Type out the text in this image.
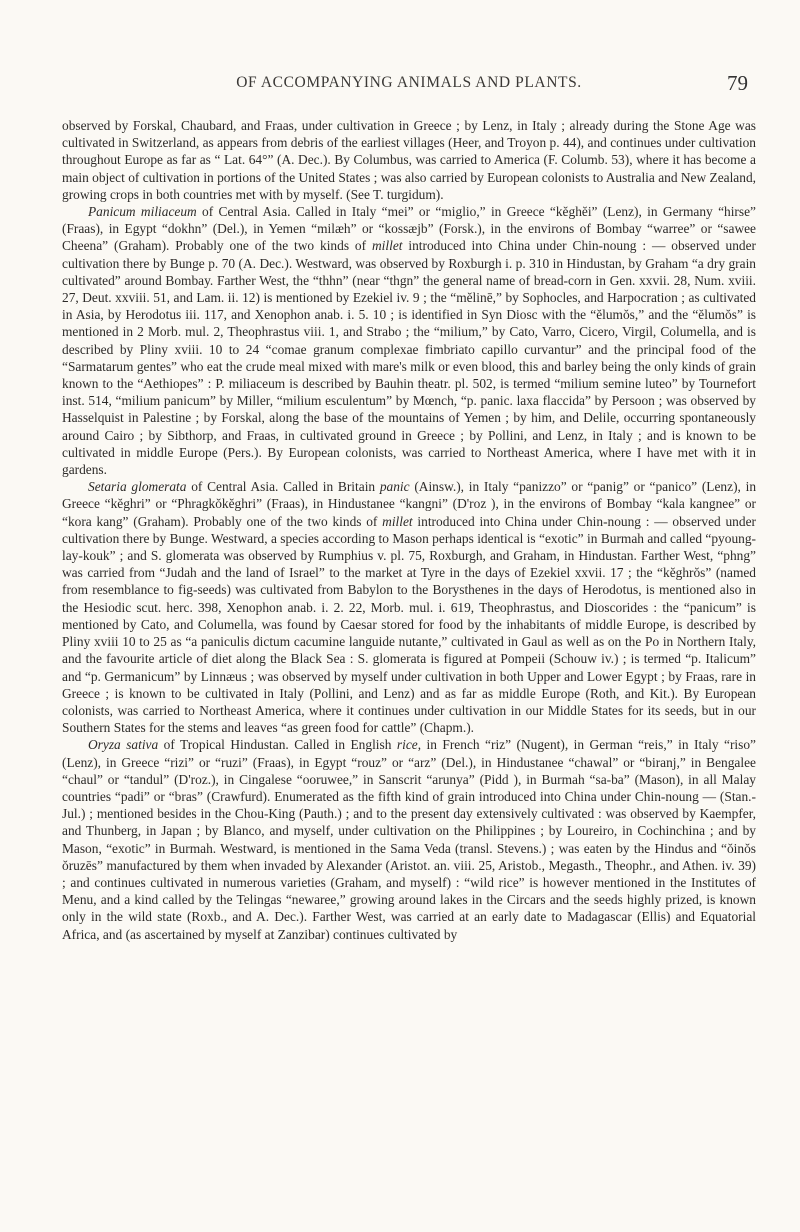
OF ACCOMPANYING ANIMALS AND PLANTS.	79

observed by Forskal, Chaubard, and Fraas, under cultivation in Greece ; by Lenz, in Italy ; already during the Stone Age was cultivated in Switzerland, as appears from debris of the earliest villages (Heer, and Troyon p. 44), and continues under cultivation throughout Europe as far as “ Lat. 64°” (A. Dec.). By Columbus, was carried to America (F. Columb. 53), where it has become a main object of cultivation in portions of the United States ; was also carried by European colonists to Australia and New Zealand, growing crops in both countries met with by myself. (See T. turgidum).

Panicum miliaceum of Central Asia. Called in Italy “mei” or “miglio,” in Greece “kĕghĕi” (Lenz), in Germany “hirse” (Fraas), in Egypt “dokhn” (Del.), in Yemen “milæh” or “kossæjb” (Forsk.), in the environs of Bombay “warree” or “sawee Cheena” (Graham). Probably one of the two kinds of millet introduced into China under Chin-noung : — observed under cultivation there by Bunge p. 70 (A. Dec.). Westward, was observed by Roxburgh i. p. 310 in Hindustan, by Graham “a dry grain cultivated” around Bombay. Farther West, the “thhn” (near “thgn” the general name of bread-corn in Gen. xxvii. 28, Num. xviii. 27, Deut. xxviii. 51, and Lam. ii. 12) is mentioned by Ezekiel iv. 9 ; the “mĕlinē,” by Sophocles, and Harpocration ; as cultivated in Asia, by Herodotus iii. 117, and Xenophon anab. i. 5. 10 ; is identified in Syn Diosc with the “ĕlumŏs,” and the “ĕlumŏs” is mentioned in 2 Morb. mul. 2, Theophrastus viii. 1, and Strabo ; the “milium,” by Cato, Varro, Cicero, Virgil, Columella, and is described by Pliny xviii. 10 to 24 “comae granum complexae fimbriato capillo curvantur” and the principal food of the “Sarmatarum gentes” who eat the crude meal mixed with mare's milk or even blood, this and barley being the only kinds of grain known to the “Aethiopes” : P. miliaceum is described by Bauhin theatr. pl. 502, is termed “milium semine luteo” by Tournefort inst. 514, “milium panicum” by Miller, “milium esculentum” by Mœnch, “p. panic. laxa flaccida” by Persoon ; was observed by Hasselquist in Palestine ; by Forskal, along the base of the mountains of Yemen ; by him, and Delile, occurring spontaneously around Cairo ; by Sibthorp, and Fraas, in cultivated ground in Greece ; by Pollini, and Lenz, in Italy ; and is known to be cultivated in middle Europe (Pers.). By European colonists, was carried to Northeast America, where I have met with it in gardens.

Setaria glomerata of Central Asia. Called in Britain panic (Ainsw.), in Italy “panizzo” or “panig” or “panico” (Lenz), in Greece “kĕghri” or “Phragkŏkĕghri” (Fraas), in Hindustanee “kangni” (D'roz ), in the environs of Bombay “kala kangnee” or “kora kang” (Graham). Probably one of the two kinds of millet introduced into China under Chin-noung : — observed under cultivation there by Bunge. Westward, a species according to Mason perhaps identical is “exotic” in Burmah and called “pyoung-lay-kouk” ; and S. glomerata was observed by Rumphius v. pl. 75, Roxburgh, and Graham, in Hindustan. Farther West, “phng” was carried from “Judah and the land of Israel” to the market at Tyre in the days of Ezekiel xxvii. 17 ; the “kĕghrŏs” (named from resemblance to fig-seeds) was cultivated from Babylon to the Borysthenes in the days of Herodotus, is mentioned also in the Hesiodic scut. herc. 398, Xenophon anab. i. 2. 22, Morb. mul. i. 619, Theophrastus, and Dioscorides : the “panicum” is mentioned by Cato, and Columella, was found by Caesar stored for food by the inhabitants of middle Europe, is described by Pliny xviii 10 to 25 as “a paniculis dictum cacumine languide nutante,” cultivated in Gaul as well as on the Po in Northern Italy, and the favourite article of diet along the Black Sea : S. glomerata is figured at Pompeii (Schouw iv.) ; is termed “p. Italicum” and “p. Germanicum” by Linnæus ; was observed by myself under cultivation in both Upper and Lower Egypt ; by Fraas, rare in Greece ; is known to be cultivated in Italy (Pollini, and Lenz) and as far as middle Europe (Roth, and Kit.). By European colonists, was carried to Northeast America, where it continues under cultivation in our Middle States for its seeds, but in our Southern States for the stems and leaves “as green food for cattle” (Chapm.).

Oryza sativa of Tropical Hindustan. Called in English rice, in French “riz” (Nugent), in German “reis,” in Italy “riso” (Lenz), in Greece “rizi” or “ruzi” (Fraas), in Egypt “rouz” or “arz” (Del.), in Hindustanee “chawal” or “biranj,” in Bengalee “chaul” or “tandul” (D'roz.), in Cingalese “ooruwee,” in Sanscrit “arunya” (Pidd ), in Burmah “sa-ba” (Mason), in all Malay countries “padi” or “bras” (Crawfurd). Enumerated as the fifth kind of grain introduced into China under Chin-noung — (Stan.-Jul.) ; mentioned besides in the Chou-King (Pauth.) ; and to the present day extensively cultivated : was observed by Kaempfer, and Thunberg, in Japan ; by Blanco, and myself, under cultivation on the Philippines ; by Loureiro, in Cochinchina ; and by Mason, “exotic” in Burmah. Westward, is mentioned in the Sama Veda (transl. Stevens.) ; was eaten by the Hindus and “ŏinŏs ŏruzēs” manufactured by them when invaded by Alexander (Aristot. an. viii. 25, Aristob., Megasth., Theophr., and Athen. iv. 39) ; and continues cultivated in numerous varieties (Graham, and myself) : “wild rice” is however mentioned in the Institutes of Menu, and a kind called by the Telingas “newaree,” growing around lakes in the Circars and the seeds highly prized, is known only in the wild state (Roxb., and A. Dec.). Farther West, was carried at an early date to Madagascar (Ellis) and Equatorial Africa, and (as ascertained by myself at Zanzibar) continues cultivated by
